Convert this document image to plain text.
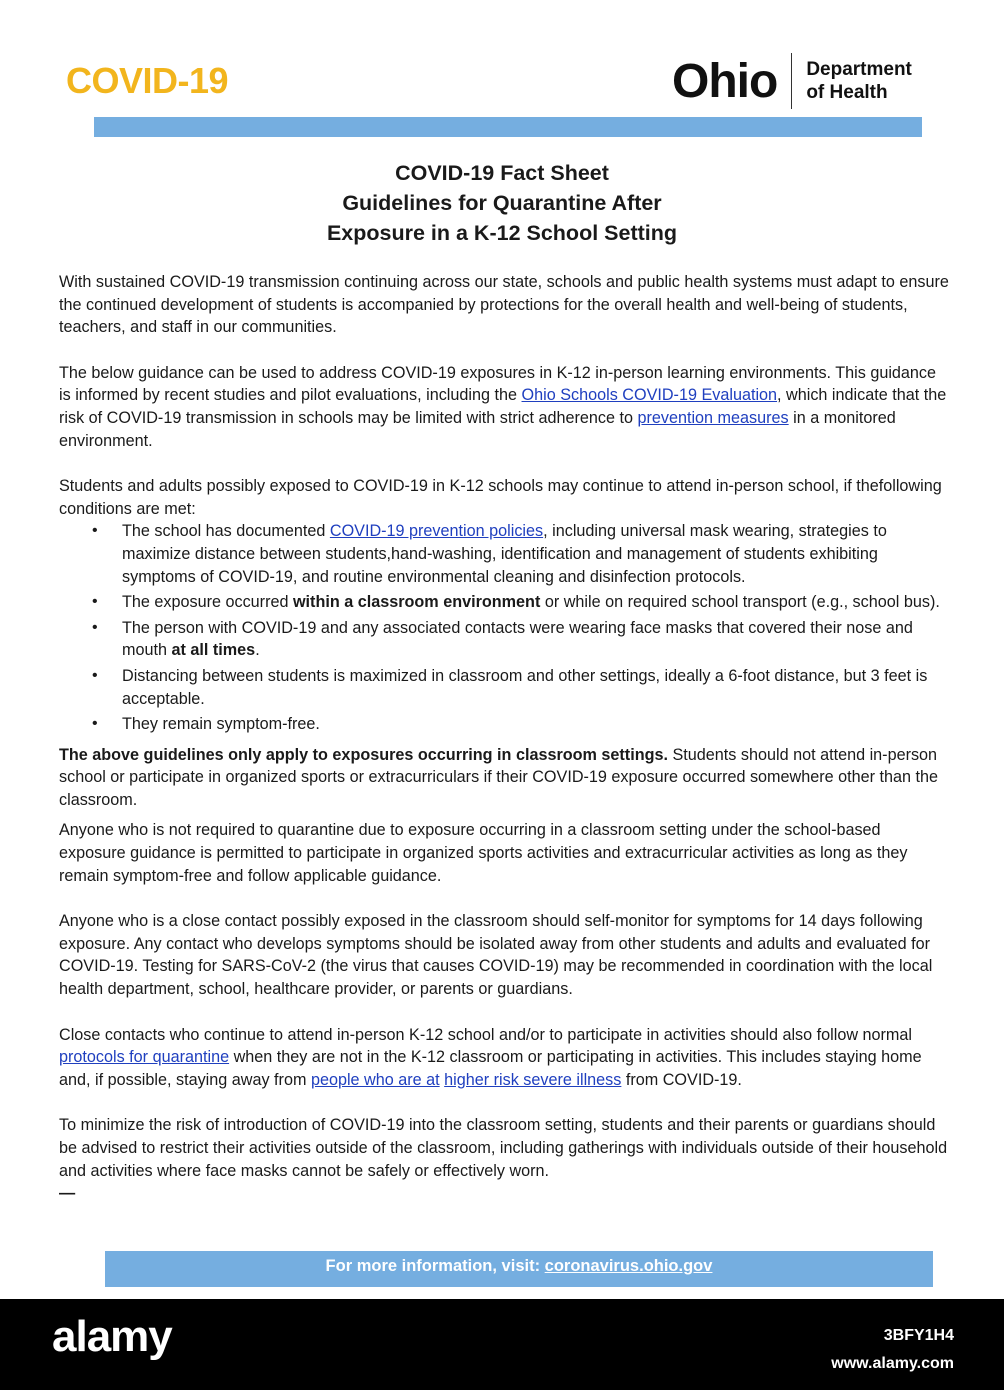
COVID-19	Ohio Department
of Health
COVID-19 Fact Sheet
Guidelines for Quarantine After
Exposure in a K-12 School Setting

With sustained COVID-19 transmission continuing across our state, schools and public health systems must adapt to ensure the continued development of students is accompanied by protections for the overall health and well-being of students, teachers, and staff in our communities.

The below guidance can be used to address COVID-19 exposures in K-12 in-person learning environments. This guidance is informed by recent studies and pilot evaluations, including the Ohio Schools COVID-19 Evaluation, which indicate that the risk of COVID-19 transmission in schools may be limited with strict adherence to prevention measures in a monitored environment.

Students and adults possibly exposed to COVID-19 in K-12 schools may continue to attend in-person school, if thefollowing conditions are met:

• The school has documented COVID-19 prevention policies, including universal mask wearing, strategies to maximize distance between students,hand-washing, identification and management of students exhibiting symptoms of COVID-19, and routine environmental cleaning and disinfection protocols.
• The exposure occurred within a classroom environment or while on required school transport (e.g., school bus).
• The person with COVID-19 and any associated contacts were wearing face masks that covered their nose and mouth at all times.
• Distancing between students is maximized in classroom and other settings, ideally a 6-foot distance, but 3 feet is acceptable.
• They remain symptom-free.

The above guidelines only apply to exposures occurring in classroom settings. Students should not attend in-person school or participate in organized sports or extracurriculars if their COVID-19 exposure occurred somewhere other than the classroom.

Anyone who is not required to quarantine due to exposure occurring in a classroom setting under the school-based exposure guidance is permitted to participate in organized sports activities and extracurricular activities as long as they remain symptom-free and follow applicable guidance.

Anyone who is a close contact possibly exposed in the classroom should self-monitor for symptoms for 14 days following exposure. Any contact who develops symptoms should be isolated away from other students and adults and evaluated for COVID-19. Testing for SARS-CoV-2 (the virus that causes COVID-19) may be recommended in coordination with the local health department, school, healthcare provider, or parents or guardians.

Close contacts who continue to attend in-person K-12 school and/or to participate in activities should also follow normal protocols for quarantine when they are not in the K-12 classroom or participating in activities. This includes staying home and, if possible, staying away from people who are at higher risk severe illness from COVID-19.

To minimize the risk of introduction of COVID-19 into the classroom setting, students and their parents or guardians should be advised to restrict their activities outside of the classroom, including gatherings with individuals outside of their household and activities where face masks cannot be safely or effectively worn.

—

For more information, visit: coronavirus.ohio.gov
alamy	3BFY1H4
www.alamy.com
